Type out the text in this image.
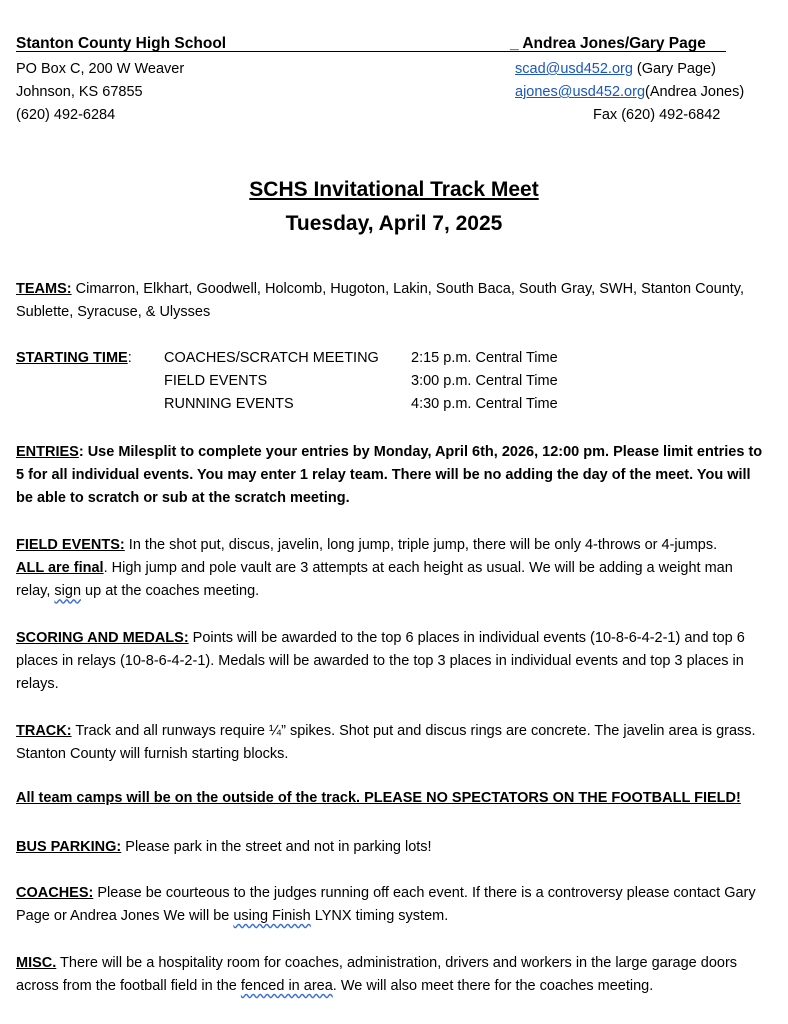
Stanton County High School	_ Andrea Jones/Gary Page
PO Box C, 200 W Weaver
Johnson, KS 67855
(620) 492-6284
scad@usd452.org (Gary Page)
ajones@usd452.org(Andrea Jones)
Fax (620) 492-6842
SCHS Invitational Track Meet
Tuesday, April 7, 2025
TEAMS: Cimarron, Elkhart, Goodwell, Holcomb, Hugoton, Lakin, South Baca, South Gray, SWH, Stanton County, Sublette, Syracuse, & Ulysses
STARTING TIME: COACHES/SCRATCH MEETING 2:15 p.m. Central Time
FIELD EVENTS	3:00 p.m. Central Time
RUNNING EVENTS	4:30 p.m. Central Time
ENTRIES: Use Milesplit to complete your entries by Monday, April 6th, 2026, 12:00 pm. Please limit entries to 5 for all individual events. You may enter 1 relay team. There will be no adding the day of the meet. You will be able to scratch or sub at the scratch meeting.
FIELD EVENTS: In the shot put, discus, javelin, long jump, triple jump, there will be only 4-throws or 4-jumps.
ALL are final. High jump and pole vault are 3 attempts at each height as usual. We will be adding a weight man relay, sign up at the coaches meeting.
SCORING AND MEDALS: Points will be awarded to the top 6 places in individual events (10-8-6-4-2-1) and top 6 places in relays (10-8-6-4-2-1). Medals will be awarded to the top 3 places in individual events and top 3 places in relays.
TRACK: Track and all runways require ¼” spikes. Shot put and discus rings are concrete. The javelin area is grass. Stanton County will furnish starting blocks.
All team camps will be on the outside of the track. PLEASE NO SPECTATORS ON THE FOOTBALL FIELD!
BUS PARKING: Please park in the street and not in parking lots!
COACHES: Please be courteous to the judges running off each event. If there is a controversy please contact Gary Page or Andrea Jones We will be using Finish LYNX timing system.
MISC. There will be a hospitality room for coaches, administration, drivers and workers in the large garage doors across from the football field in the fenced in area. We will also meet there for the coaches meeting.
